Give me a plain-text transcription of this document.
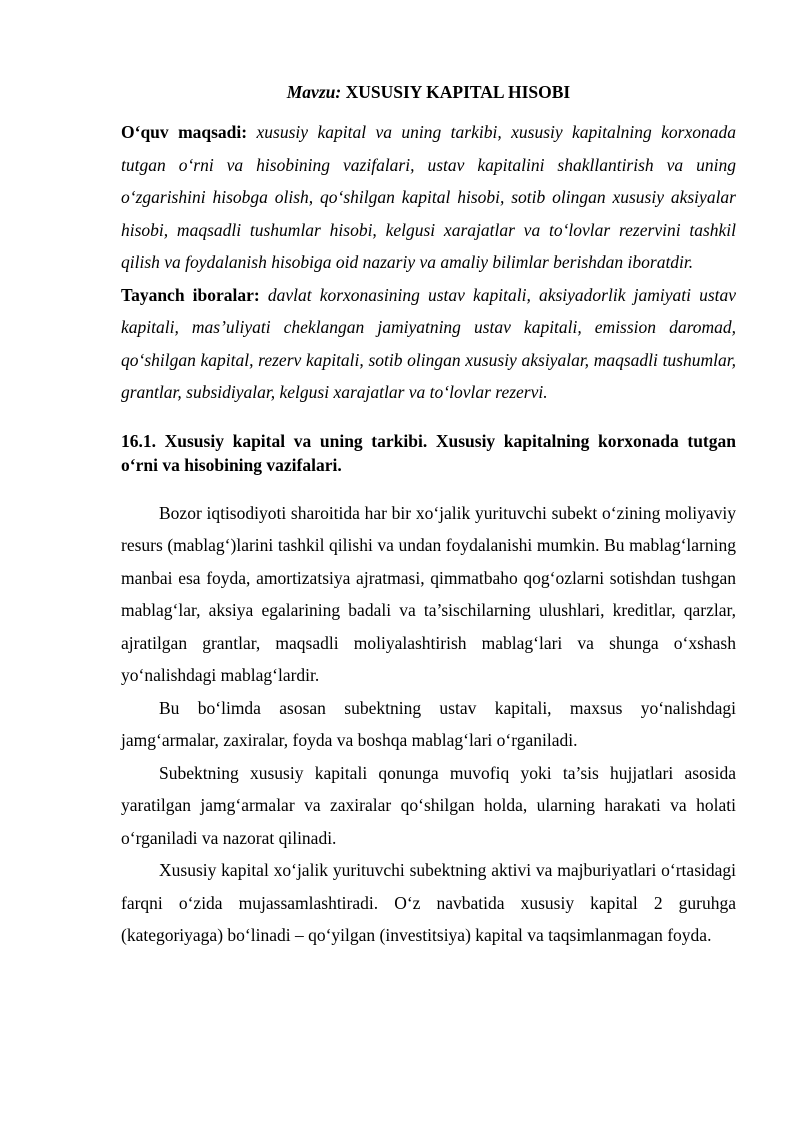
Mavzu: XUSUSIY KAPITAL HISOBI

O‘quv maqsadi: xususiy kapital va uning tarkibi, xususiy kapitalning korxonada tutgan o‘rni va hisobining vazifalari, ustav kapitalini shakllantirish va uning o‘zgarishini hisobga olish, qo‘shilgan kapital hisobi, sotib olingan xususiy aksiyalar hisobi, maqsadli tushumlar hisobi, kelgusi xarajatlar va to‘lovlar rezervini tashkil qilish va foydalanish hisobiga oid nazariy va amaliy bilimlar berishdan iboratdir.

Tayanch iboralar: davlat korxonasining ustav kapitali, aksiyadorlik jamiyati ustav kapitali, mas’uliyati cheklangan jamiyatning ustav kapitali, emission daromad, qo‘shilgan kapital, rezerv kapitali, sotib olingan xususiy aksiyalar, maqsadli tushumlar, grantlar, subsidiyalar, kelgusi xarajatlar va to‘lovlar rezervi.

16.1. Xususiy kapital va uning tarkibi. Xususiy kapitalning korxonada tutgan o‘rni va hisobining vazifalari.

Bozor iqtisodiyoti sharoitida har bir xo‘jalik yurituvchi subekt o‘zining moliyaviy resurs (mablag‘)larini tashkil qilishi va undan foydalanishi mumkin. Bu mablag‘larning manbai esa foyda, amortizatsiya ajratmasi, qimmatbaho qog‘ozlarni sotishdan tushgan mablag‘lar, aksiya egalarining badali va ta’sischilarning ulushlari, kreditlar, qarzlar, ajratilgan grantlar, maqsadli moliyalashtirish mablag‘lari va shunga o‘xshash yo‘nalishdagi mablag‘lardir.

Bu bo‘limda asosan subektning ustav kapitali, maxsus yo‘nalishdagi jamg‘armalar, zaxiralar, foyda va boshqa mablag‘lari o‘rganiladi.

Subektning xususiy kapitali qonunga muvofiq yoki ta’sis hujjatlari asosida yaratilgan jamg‘armalar va zaxiralar qo‘shilgan holda, ularning harakati va holati o‘rganiladi va nazorat qilinadi.

Xususiy kapital xo‘jalik yurituvchi subektning aktivi va majburiyatlari o‘rtasidagi farqni o‘zida mujassamlashtiradi. O‘z navbatida xususiy kapital 2 guruhga (kategoriyaga) bo‘linadi – qo‘yilgan (investitsiya) kapital va taqsimlanmagan foyda.
